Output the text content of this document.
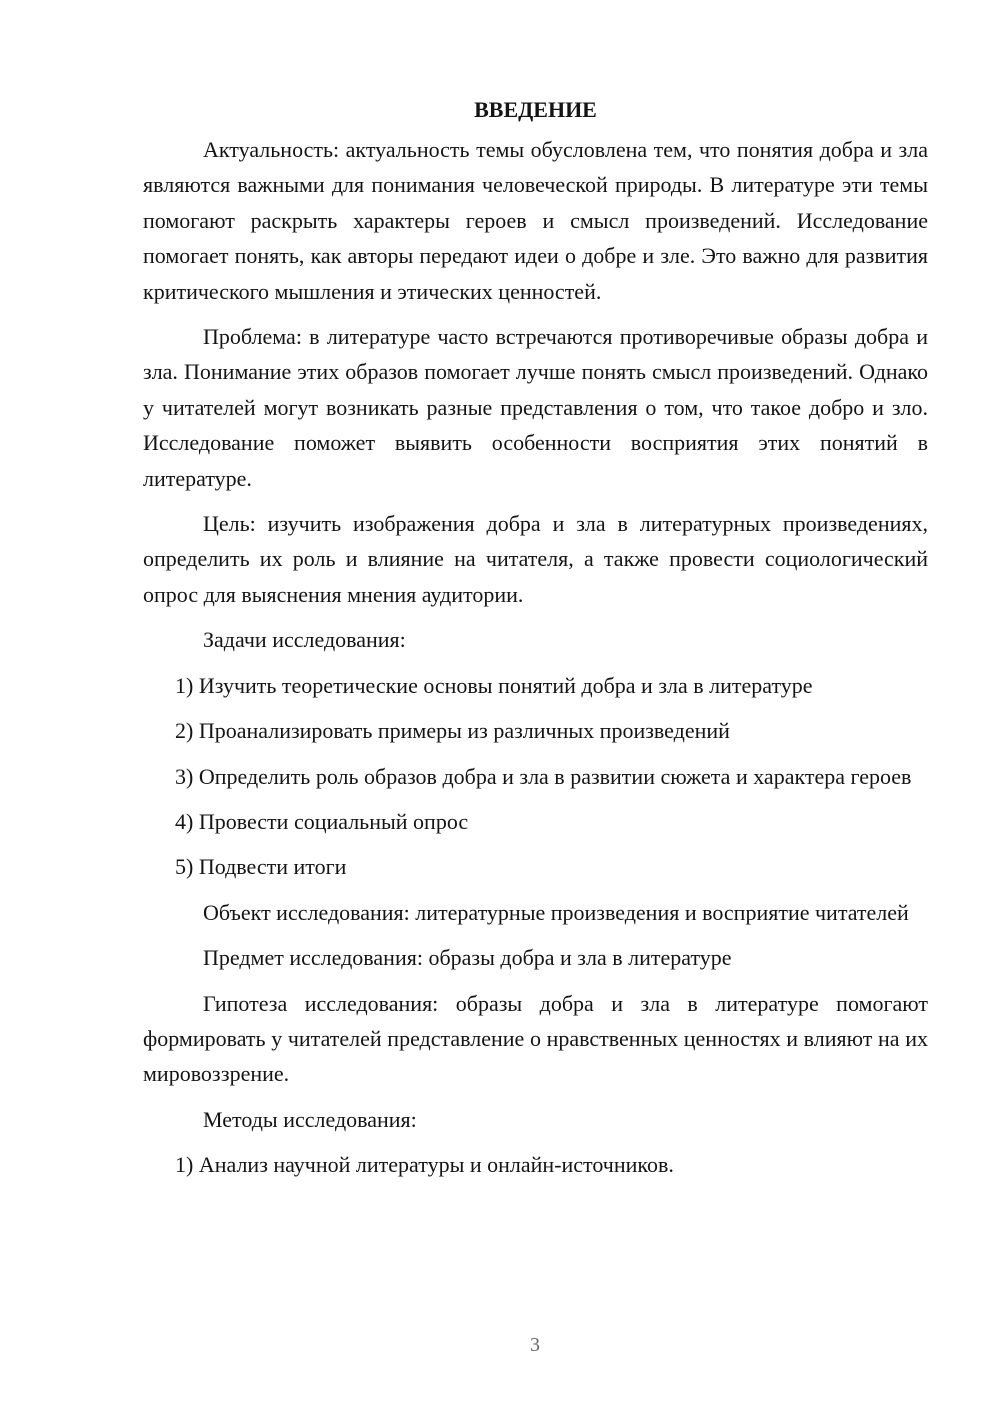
ВВЕДЕНИЕ

Актуальность: актуальность темы обусловлена тем, что понятия добра и зла являются важными для понимания человеческой природы. В литературе эти темы помогают раскрыть характеры героев и смысл произведений. Исследование помогает понять, как авторы передают идеи о добре и зле. Это важно для развития критического мышления и этических ценностей.

Проблема: в литературе часто встречаются противоречивые образы добра и зла. Понимание этих образов помогает лучше понять смысл произведений. Однако у читателей могут возникать разные представления о том, что такое добро и зло. Исследование поможет выявить особенности восприятия этих понятий в литературе.

Цель: изучить изображения добра и зла в литературных произведениях, определить их роль и влияние на читателя, а также провести социологический опрос для выяснения мнения аудитории.

Задачи исследования:

1) Изучить теоретические основы понятий добра и зла в литературе

2) Проанализировать примеры из различных произведений

3) Определить роль образов добра и зла в развитии сюжета и характера героев

4) Провести социальный опрос

5) Подвести итоги

Объект исследования: литературные произведения и восприятие читателей

Предмет исследования: образы добра и зла в литературе

Гипотеза исследования: образы добра и зла в литературе помогают формировать у читателей представление о нравственных ценностях и влияют на их мировоззрение.

Методы исследования:

1) Анализ научной литературы и онлайн-источников.

3
